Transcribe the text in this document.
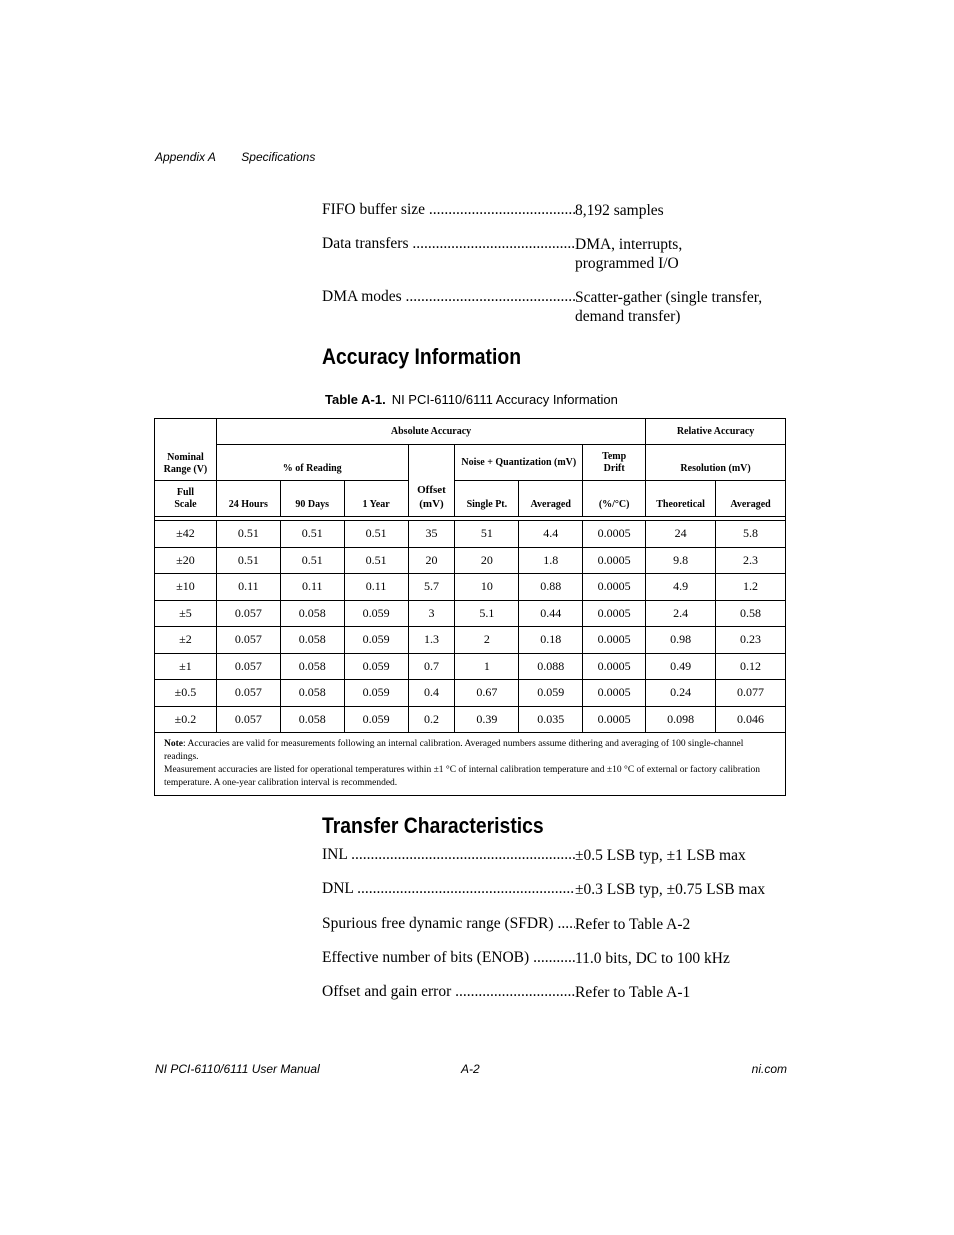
Appendix A Specifications
FIFO buffer size .....	8,192 samples
Data transfers .....	DMA, interrupts, programmed I/O
DMA modes .....	Scatter-gather (single transfer, demand transfer)
Accuracy Information
Table A-1. NI PCI-6110/6111 Accuracy Information
Nominal Range (V)	Absolute Accuracy							Relative Accuracy	
	% of Reading			Offset (mV)	Noise + Quantization (mV)		Temp Drift	Resolution (mV)	
Full Scale	24 Hours	90 Days	1 Year		Single Pt.	Averaged	(%/°C)	Theoretical	Averaged

±42	0.51	0.51	0.51	35	51	4.4	0.0005	24	5.8
±20	0.51	0.51	0.51	20	20	1.8	0.0005	9.8	2.3
±10	0.11	0.11	0.11	5.7	10	0.88	0.0005	4.9	1.2
±5	0.057	0.058	0.059	3	5.1	0.44	0.0005	2.4	0.58
±2	0.057	0.058	0.059	1.3	2	0.18	0.0005	0.98	0.23
±1	0.057	0.058	0.059	0.7	1	0.088	0.0005	0.49	0.12
±0.5	0.057	0.058	0.059	0.4	0.67	0.059	0.0005	0.24	0.077
±0.2	0.057	0.058	0.059	0.2	0.39	0.035	0.0005	0.098	0.046

Note: Accuracies are valid for measurements following an internal calibration. Averaged numbers assume dithering and averaging of 100 single-channel readings.
Measurement accuracies are listed for operational temperatures within ±1 °C of internal calibration temperature and ±10 °C of external or factory calibration temperature. A one-year calibration interval is recommended.									
Transfer Characteristics
INL .....	±0.5 LSB typ, ±1 LSB max
DNL .....	±0.3 LSB typ, ±0.75 LSB max
Spurious free dynamic range (SFDR) .....	Refer to Table A-2
Effective number of bits (ENOB) .....	11.0 bits, DC to 100 kHz
Offset and gain error .....	Refer to Table A-1
NI PCI-6110/6111 User Manual	A-2	ni.com
